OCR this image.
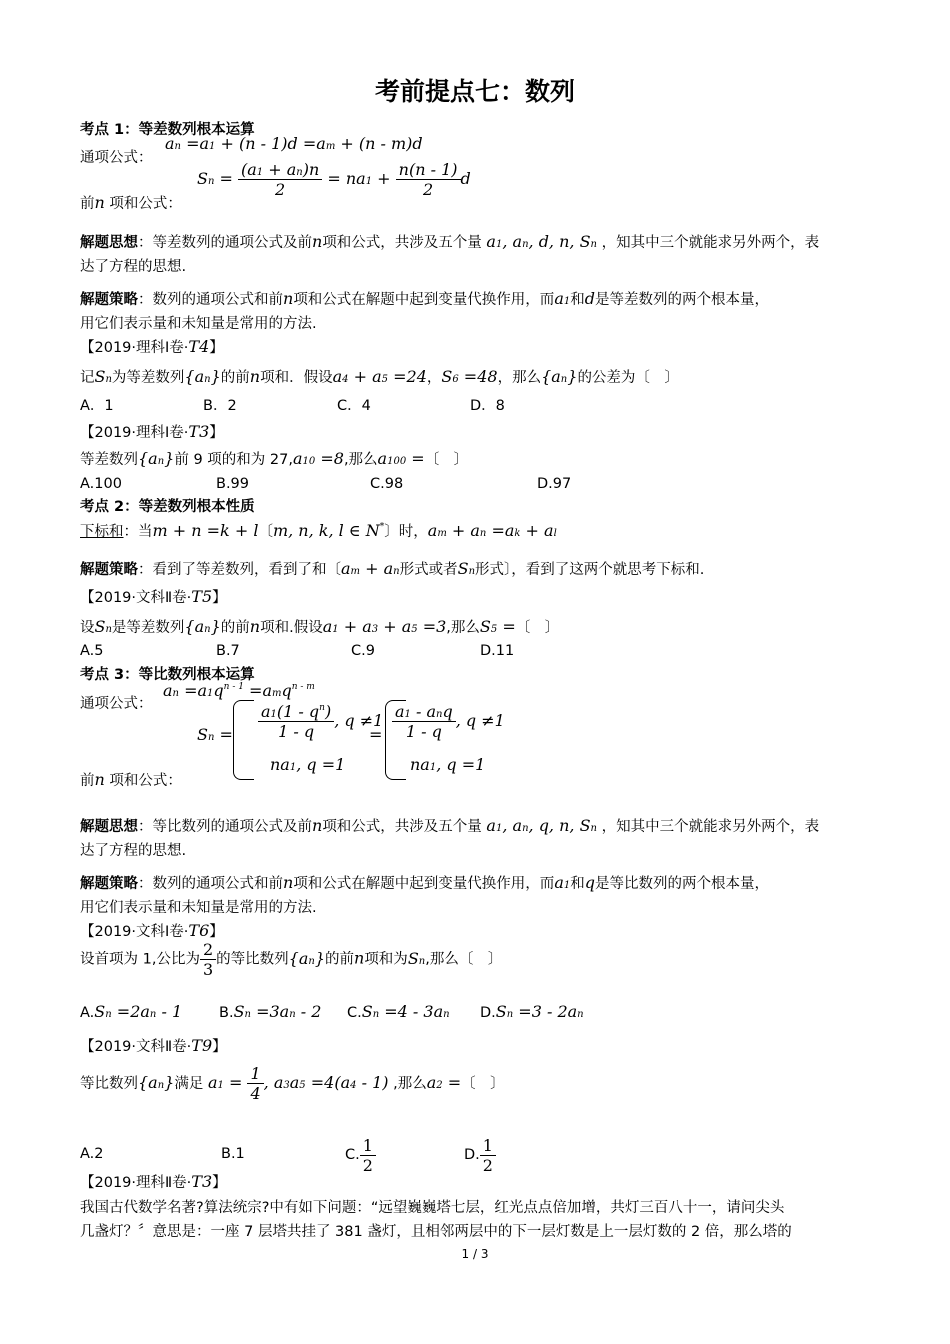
考前提点七：数列
考点 1：等差数列根本运算
通项公式：
an =a1 + (n - 1)d =am + (n - m)d
前n 项和公式：
$Sn = \frac{(a1 + an)n}{2} = na1 + \frac{n(n - 1)}{2}$ d
解题思想：等差数列的通项公式及前n项和公式，共涉及五个量 a1, an, d, n, Sn ，知其中三个就能求另外两个，表
达了方程的思想.
解题策略：数列的通项公式和前n项和公式在解题中起到变量代换作用，而a1和d是等差数列的两个根本量，
用它们表示量和未知量是常用的方法.
【2019·理科Ⅰ卷·T4】
记Sn为等差数列{an}的前n项和．假设a4 + a5 =24，S6 =48，那么{an}的公差为〔　〕
A．1	B．2	C．4	D．8
【2019·理科Ⅰ卷·T3】
等差数列{an}前 9 项的和为 27,a10 =8,那么a100 =〔　〕
A.100	B.99	C.98	D.97
考点 2：等差数列根本性质
下标和：当m + n =k + l〔m, n, k, l ∈ N*〕时，am + an =ak + al
解题策略：看到了等差数列，看到了和〔am + an形式或者Sn形式〕，看到了这两个就思考下标和.
【2019·文科Ⅱ卷·T5】
设Sn是等差数列{an}的前n项和.假设a1 + a3 + a5 =3,那么S5 =〔　〕
A.5	B.7	C.9	D.11
考点 3：等比数列根本运算
通项公式：
an $=a1q^{n - 1} =amq^{n - m}$
$Sn = \frac{a1(1 - q^n)}{1 - q}$ , q ≠1
na1, q =1
= $\frac{\text{a1 - anq}}{1 - q}$ , q ≠1
na1, q =1
前n 项和公式：
解题思想：等比数列的通项公式及前n项和公式，共涉及五个量 a1, an, q, n, Sn ，知其中三个就能求另外两个，表
达了方程的思想.
解题策略：数列的通项公式和前n项和公式在解题中起到变量代换作用，而a1和q是等比数列的两个根本量，
用它们表示量和未知量是常用的方法.
【2019·文科Ⅰ卷·T6】
设首项为 1,公比为 $\frac{2}{3}$ 的等比数列{an}的前n项和为Sn,那么〔　〕
A.Sn =2an - 1	B.Sn =3an - 2 C.Sn =4 - 3an D.Sn =3 - 2an
【2019·文科Ⅱ卷·T9】
等比数列{an}满足 $a1 = \frac{1}{4}$ , a3a5 =4(a4 - 1) ,那么a2 =〔　〕
A.2	B.1	C. $\frac{1}{2}$	D. $\frac{1}{2}$
【2019·理科Ⅱ卷·T3】
我国古代数学名著?算法统宗?中有如下问题：“远望巍巍塔七层，红光点点倍加增，共灯三百八十一，请问尖头
几盏灯？〞意思是：一座 7 层塔共挂了 381 盏灯，且相邻两层中的下一层灯数是上一层灯数的 2 倍，那么塔的
1 / 3
